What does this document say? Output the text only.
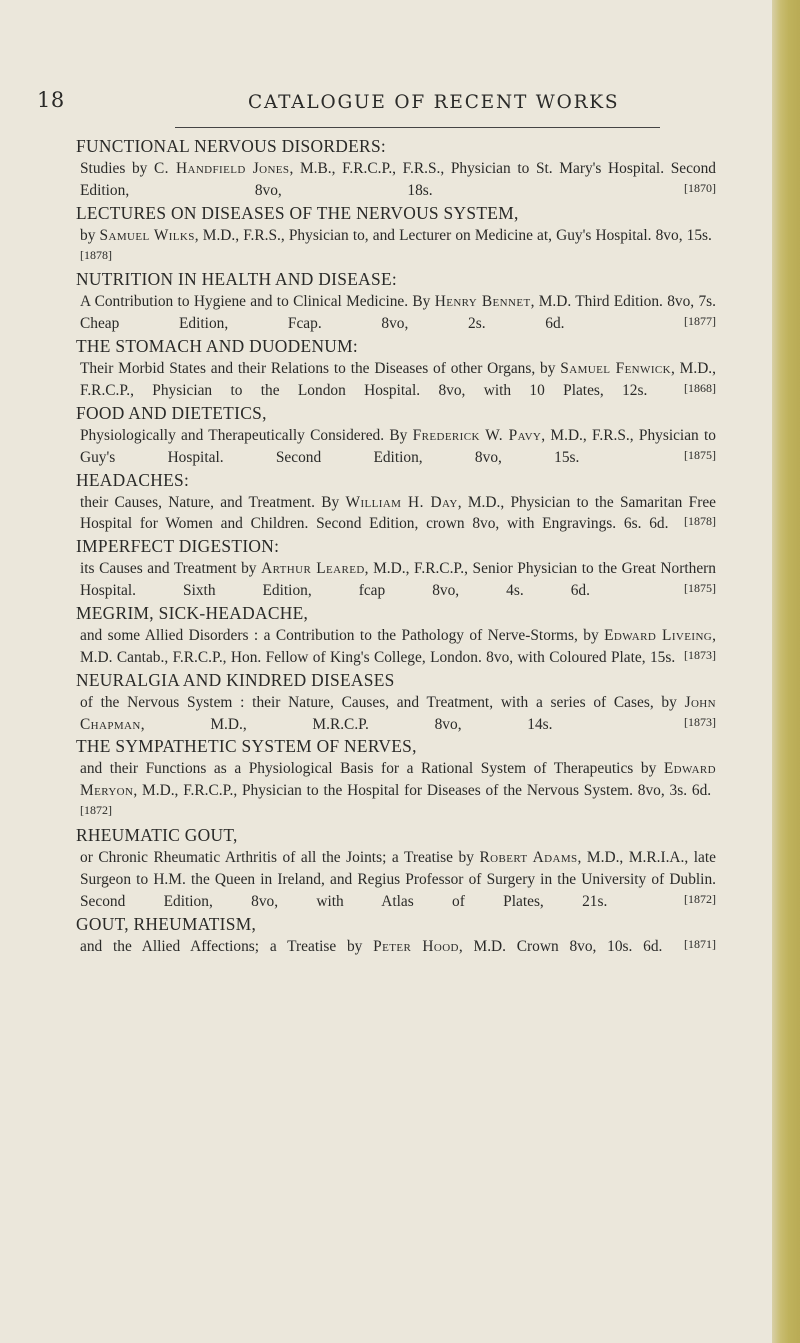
18	CATALOGUE OF RECENT WORKS
FUNCTIONAL NERVOUS DISORDERS:
Studies by C. Handfield Jones, M.B., F.R.C.P., F.R.S., Physician to St. Mary's Hospital. Second Edition, 8vo, 18s.	[1870]
LECTURES ON DISEASES OF THE NERVOUS SYSTEM,
by Samuel Wilks, M.D., F.R.S., Physician to, and Lecturer on Medicine at, Guy's Hospital. 8vo, 15s.  [1878]
NUTRITION IN HEALTH AND DISEASE:
A Contribution to Hygiene and to Clinical Medicine. By Henry Bennet, M.D. Third Edition. 8vo, 7s. Cheap Edition, Fcap. 8vo, 2s. 6d.	[1877]
THE STOMACH AND DUODENUM:
Their Morbid States and their Relations to the Diseases of other Organs, by Samuel Fenwick, M.D., F.R.C.P., Physician to the London Hospital. 8vo, with 10 Plates, 12s.	[1868]
FOOD AND DIETETICS,
Physiologically and Therapeutically Considered. By Frederick W. Pavy, M.D., F.R.S., Physician to Guy's Hospital. Second Edition, 8vo, 15s.	[1875]
HEADACHES:
their Causes, Nature, and Treatment. By William H. Day, M.D., Physician to the Samaritan Free Hospital for Women and Children. Second Edition, crown 8vo, with Engravings. 6s. 6d. [1878]
IMPERFECT DIGESTION:
its Causes and Treatment by Arthur Leared, M.D., F.R.C.P., Senior Physician to the Great Northern Hospital. Sixth Edition, fcap 8vo, 4s. 6d.	[1875]
MEGRIM, SICK-HEADACHE,
and some Allied Disorders : a Contribution to the Pathology of Nerve-Storms, by Edward Liveing, M.D. Cantab., F.R.C.P., Hon. Fellow of King's College, London. 8vo, with Coloured Plate, 15s. [1873]
NEURALGIA AND KINDRED DISEASES
of the Nervous System : their Nature, Causes, and Treatment, with a series of Cases, by John Chapman, M.D., M.R.C.P. 8vo, 14s.	[1873]
THE SYMPATHETIC SYSTEM OF NERVES,
and their Functions as a Physiological Basis for a Rational System of Therapeutics by Edward Meryon, M.D., F.R.C.P., Physician to the Hospital for Diseases of the Nervous System. 8vo, 3s. 6d.  [1872]
RHEUMATIC GOUT,
or Chronic Rheumatic Arthritis of all the Joints; a Treatise by Robert Adams, M.D., M.R.I.A., late Surgeon to H.M. the Queen in Ireland, and Regius Professor of Surgery in the University of Dublin. Second Edition, 8vo, with Atlas of Plates, 21s.	[1872]
GOUT, RHEUMATISM,
and the Allied Affections; a Treatise by Peter Hood, M.D. Crown 8vo, 10s. 6d. [1871]
